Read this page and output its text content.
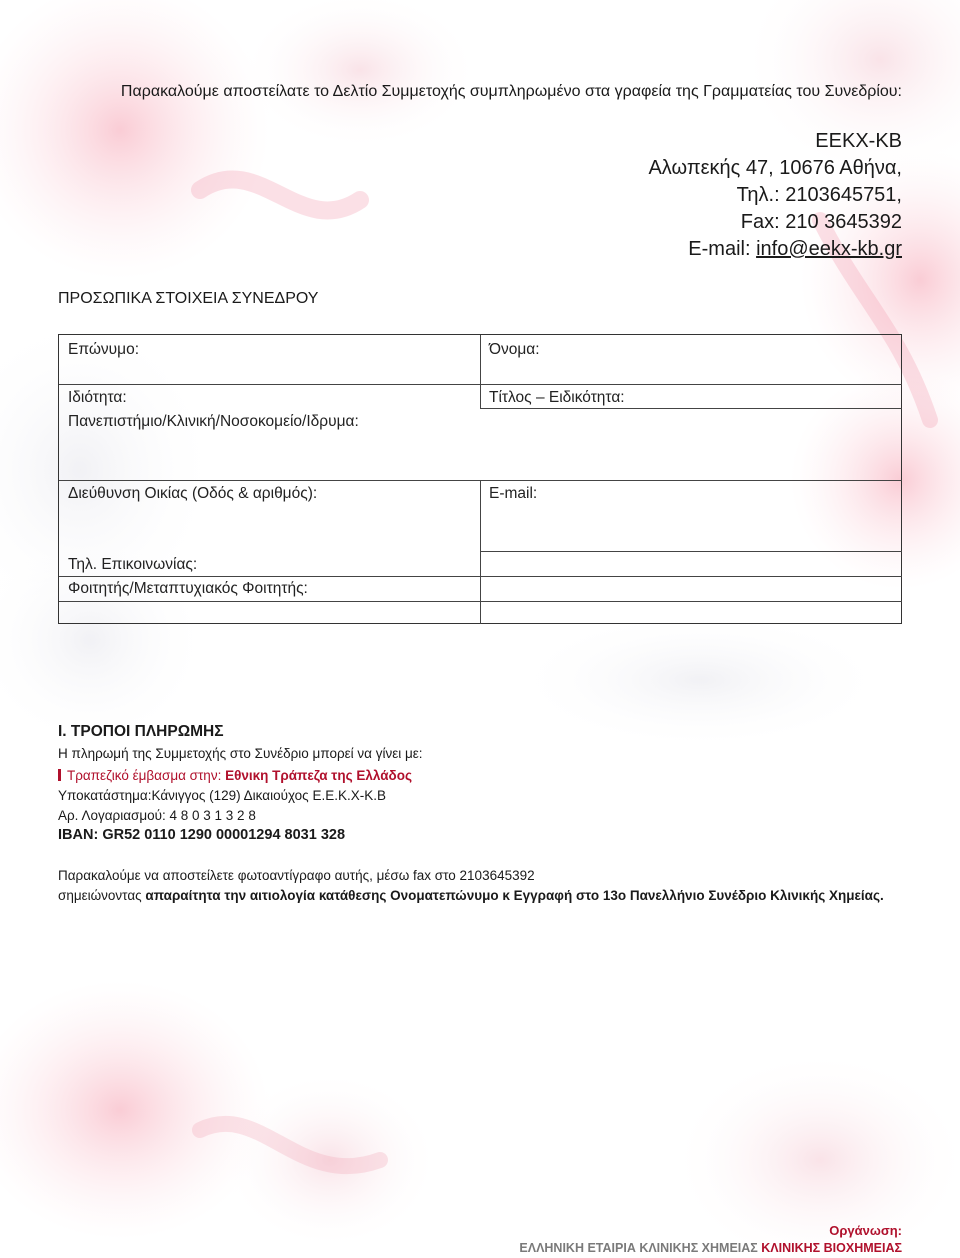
Παρακαλούμε αποστείλατε το Δελτίο Συμμετοχής συμπληρωμένο στα γραφεία της Γραμματείας του Συνεδρίου:
ΕΕΚΧ-ΚΒ
Αλωπεκής 47, 10676 Αθήνα,
Τηλ.: 2103645751,
Fax: 210 3645392
E-mail: info@eekx-kb.gr
ΠΡΟΣΩΠΙΚΑ ΣΤΟΙΧΕΙΑ ΣΥΝΕΔΡΟΥ
Επώνυμο:	Όνομα:
Ιδιότητα:	Τίτλος – Ειδικότητα:
Πανεπιστήμιο/Κλινική/Νοσοκομείο/Ιδρυμα:
Διεύθυνση Οικίας (Οδός & αριθμός):	E-mail:
Τηλ. Επικοινωνίας:
Φοιτητής/Μεταπτυχιακός Φοιτητής:
Ι. ΤΡΟΠΟΙ ΠΛΗΡΩΜΗΣ
Η πληρωμή της Συμμετοχής στο Συνέδριο μπορεί να γίνει με:
Τραπεζικό έμβασμα στην: Εθνικη Τράπεζα της Ελλάδος
Υποκατάστημα:Κάνιγγος (129) Δικαιούχος Ε.Ε.Κ.Χ-Κ.Β
Αρ. Λογαριασμού: 4 8 0 3 1 3 2 8
IBAN: GR52 0110 1290 00001294 8031 328
Παρακαλούμε να αποστείλετε φωτοαντίγραφο αυτής, μέσω fax στο 2103645392
σημειώνοντας απαραίτητα την αιτιολογία κατάθεσης Ονοματεπώνυμο κ Εγγραφή στο 13ο Πανελλήνιο Συνέδριο Κλινικής Χημείας.
Οργάνωση:
ΕΛΛΗΝΙΚΗ ΕΤΑΙΡΙΑ ΚΛΙΝΙΚΗΣ ΧΗΜΕΙΑΣ ΚΛΙΝΙΚΗΣ ΒΙΟΧΗΜΕΙΑΣ
